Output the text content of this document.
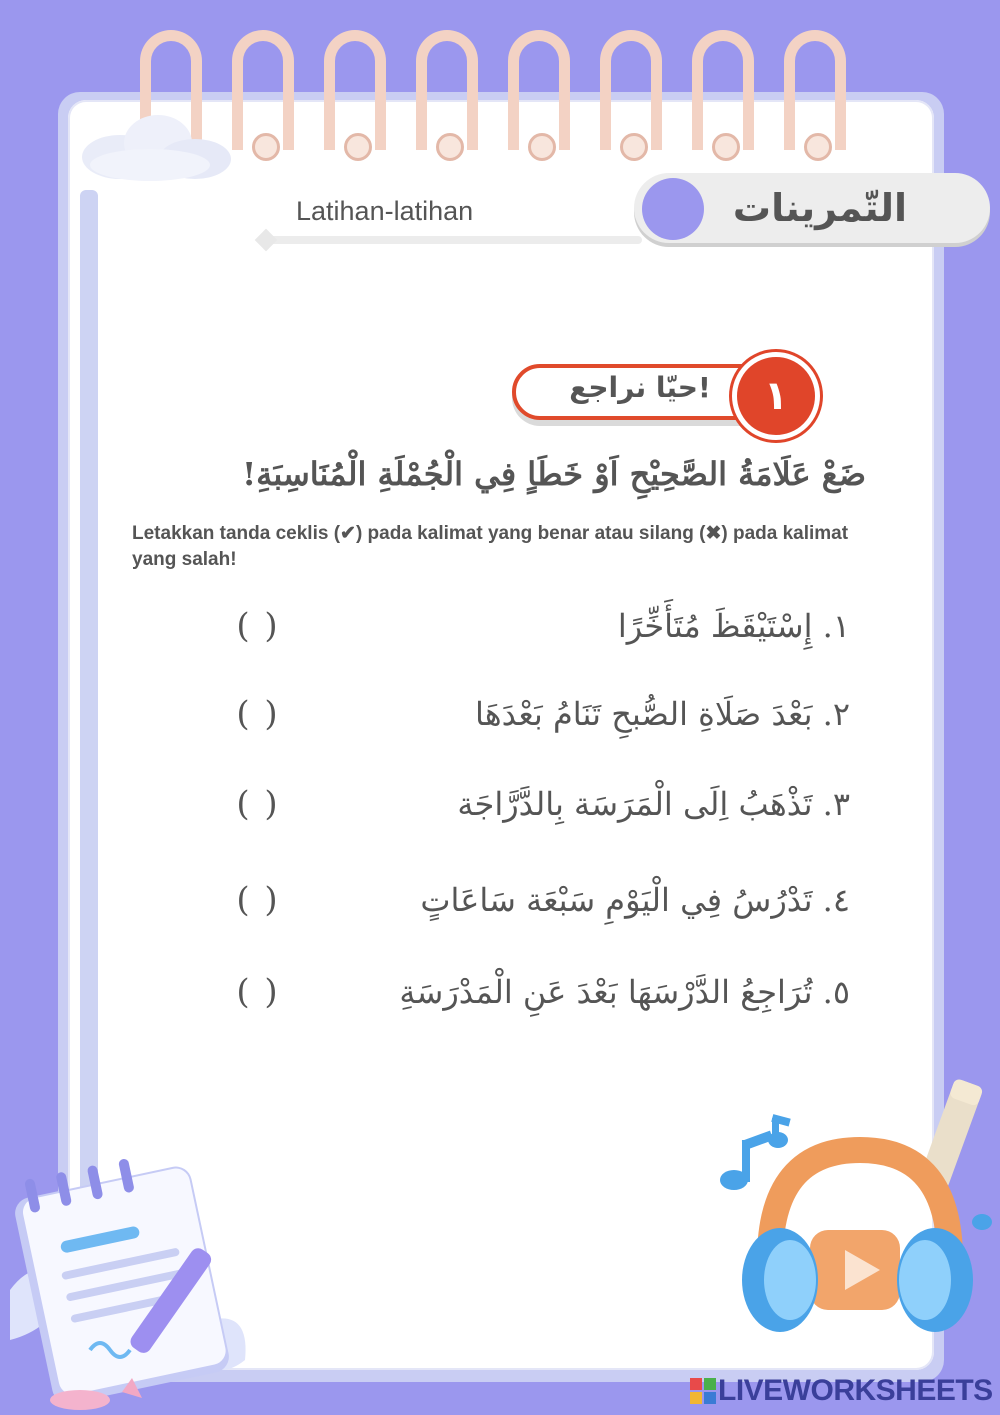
Latihan-latihan	التّمرينات
حيّا نراجع!	١
ضَعْ عَلَامَةُ الصَّحِيْحِ اَوْ خَطَاٍ فِي الْجُمْلَةِ الْمُنَاسِبَةِ!
Letakkan tanda ceklis (✔) pada kalimat yang benar atau silang (✖) pada kalimat yang salah!
١. إِسْتَيْقَظَ مُتَأَخِّرًا
( )
٢. بَعْدَ صَلَاةِ الصُّبحِ تَنَامُ بَعْدَهَا
( )
٣. تَذْهَبُ اِلَى الْمَرَسَة بِالدَّرَّاجَة
( )
٤. تَدْرُسُ فِي الْيَوْمِ سَبْعَة سَاعَاتٍ
( )
٥. تُرَاجِعُ الدَّرْسَهَا بَعْدَ عَنِ الْمَدْرَسَةِ
( )
LIVEWORKSHEETS
